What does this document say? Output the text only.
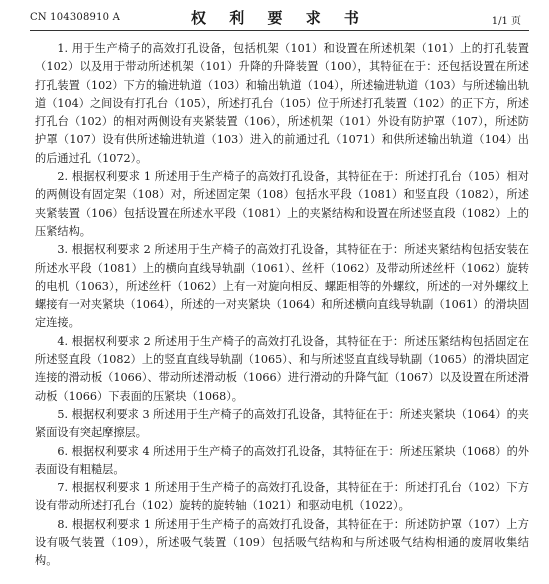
CN 104308910 A	权 利 要 求 书	1/1 页

1. 用于生产椅子的高效打孔设备，包括机架（101）和设置在所述机架（101）上的打孔装置（102）以及用于带动所述机架（101）升降的升降装置（100），其特征在于：还包括设置在所述打孔装置（102）下方的输进轨道（103）和输出轨道（104），所述输进轨道（103）与所述输出轨道（104）之间设有打孔台（105），所述打孔台（105）位于所述打孔装置（102）的正下方，所述打孔台（102）的相对两侧设有夹紧装置（106），所述机架（101）外设有防护罩（107），所述防护罩（107）设有供所述输进轨道（103）进入的前通过孔（1071）和供所述输出轨道（104）出的后通过孔（1072）。

2. 根据权利要求 1 所述用于生产椅子的高效打孔设备，其特征在于：所述打孔台（105）相对的两侧设有固定架（108）对，所述固定架（108）包括水平段（1081）和竖直段（1082），所述夹紧装置（106）包括设置在所述水平段（1081）上的夹紧结构和设置在所述竖直段（1082）上的压紧结构。

3. 根据权利要求 2 所述用于生产椅子的高效打孔设备，其特征在于：所述夹紧结构包括安装在所述水平段（1081）上的横向直线导轨副（1061）、丝杆（1062）及带动所述丝杆（1062）旋转的电机（1063），所述丝杆（1062）上有一对旋向相反、螺距相等的外螺纹，所述的一对外螺纹上螺接有一对夹紧块（1064），所述的一对夹紧块（1064）和所述横向直线导轨副（1061）的滑块固定连接。

4. 根据权利要求 2 所述用于生产椅子的高效打孔设备，其特征在于：所述压紧结构包括固定在所述竖直段（1082）上的竖直直线导轨副（1065）、和与所述竖直直线导轨副（1065）的滑块固定连接的滑动板（1066）、带动所述滑动板（1066）进行滑动的升降气缸（1067）以及设置在所述滑动板（1066）下表面的压紧块（1068）。

5. 根据权利要求 3 所述用于生产椅子的高效打孔设备，其特征在于：所述夹紧块（1064）的夹紧面设有突起摩擦层。

6. 根据权利要求 4 所述用于生产椅子的高效打孔设备，其特征在于：所述压紧块（1068）的外表面设有粗糙层。

7. 根据权利要求 1 所述用于生产椅子的高效打孔设备，其特征在于：所述打孔台（102）下方设有带动所述打孔台（102）旋转的旋转轴（1021）和驱动电机（1022）。

8. 根据权利要求 1 所述用于生产椅子的高效打孔设备，其特征在于：所述防护罩（107）上方设有吸气装置（109），所述吸气装置（109）包括吸气结构和与所述吸气结构相通的废屑收集结构。
